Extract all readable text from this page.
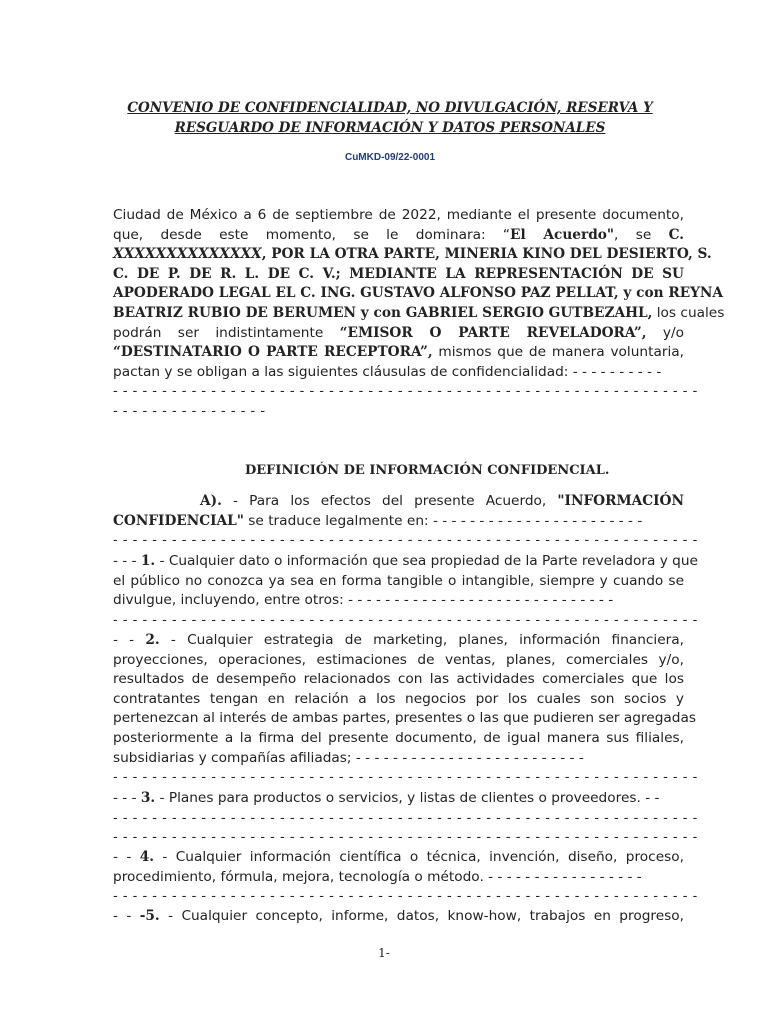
CONVENIO DE CONFIDENCIALIDAD, NO DIVULGACIÓN, RESERVA Y
RESGUARDO DE INFORMACIÓN Y DATOS PERSONALES
CuMKD-09/22-0001
Ciudad de México a 6 de septiembre de 2022, mediante el presente documento,
que, desde este momento, se le dominara: “El Acuerdo", se C.
XXXXXXXXXXXXXX, POR LA OTRA PARTE, MINERIA KINO DEL DESIERTO, S.
C. DE P. DE R. L. DE C. V.; MEDIANTE LA REPRESENTACIÓN DE SU
APODERADO LEGAL EL C. ING. GUSTAVO ALFONSO PAZ PELLAT, y con REYNA
BEATRIZ RUBIO DE BERUMEN y con GABRIEL SERGIO GUTBEZAHL, los cuales
podrán ser indistintamente “EMISOR O PARTE REVELADORA”, y/o
“DESTINATARIO O PARTE RECEPTORA”, mismos que de manera voluntaria,
pactan y se obligan a las siguientes cláusulas de confidencialidad: - - - - - - - - - -
- - - - - - - - - - - - - - - - - - - - - - - - - - - - - - - - - - - - - - - - - - - - - - - - - - - - - - - - - - - -
- - - - - - - - - - - - - - - -
DEFINICIÓN DE INFORMACIÓN CONFIDENCIAL.
A). - Para los efectos del presente Acuerdo, "INFORMACIÓN
CONFIDENCIAL" se traduce legalmente en: - - - - - - - - - - - - - - - - - - - - - - -
- - - - - - - - - - - - - - - - - - - - - - - - - - - - - - - - - - - - - - - - - - - - - - - - - - - - - - - - - - - -
- - - 1. - Cualquier dato o información que sea propiedad de la Parte reveladora y que
el público no conozca ya sea en forma tangible o intangible, siempre y cuando se
divulgue, incluyendo, entre otros: - - - - - - - - - - - - - - - - - - - - - - - - - - - - -
- - - - - - - - - - - - - - - - - - - - - - - - - - - - - - - - - - - - - - - - - - - - - - - - - - - - - - - - - - - -
- - 2. - Cualquier estrategia de marketing, planes, información financiera,
proyecciones, operaciones, estimaciones de ventas, planes, comerciales y/o,
resultados de desempeño relacionados con las actividades comerciales que los
contratantes tengan en relación a los negocios por los cuales son socios y
pertenezcan al interés de ambas partes, presentes o las que pudieren ser agregadas
posteriormente a la firma del presente documento, de igual manera sus filiales,
subsidiarias y compañías afiliadas; - - - - - - - - - - - - - - - - - - - - - - - - -
- - - - - - - - - - - - - - - - - - - - - - - - - - - - - - - - - - - - - - - - - - - - - - - - - - - - - - - - - - - -
- - - 3. - Planes para productos o servicios, y listas de clientes o proveedores. - -
- - - - - - - - - - - - - - - - - - - - - - - - - - - - - - - - - - - - - - - - - - - - - - - - - - - - - - - - - - - -
- - - - - - - - - - - - - - - - - - - - - - - - - - - - - - - - - - - - - - - - - - - - - - - - - - - - - - - - - - - -
- - 4. - Cualquier información científica o técnica, invención, diseño, proceso,
procedimiento, fórmula, mejora, tecnología o método. - - - - - - - - - - - - - - - - -
- - - - - - - - - - - - - - - - - - - - - - - - - - - - - - - - - - - - - - - - - - - - - - - - - - - - - - - - - - - -
- - -5. - Cualquier concepto, informe, datos, know-how, trabajos en progreso,
1-
